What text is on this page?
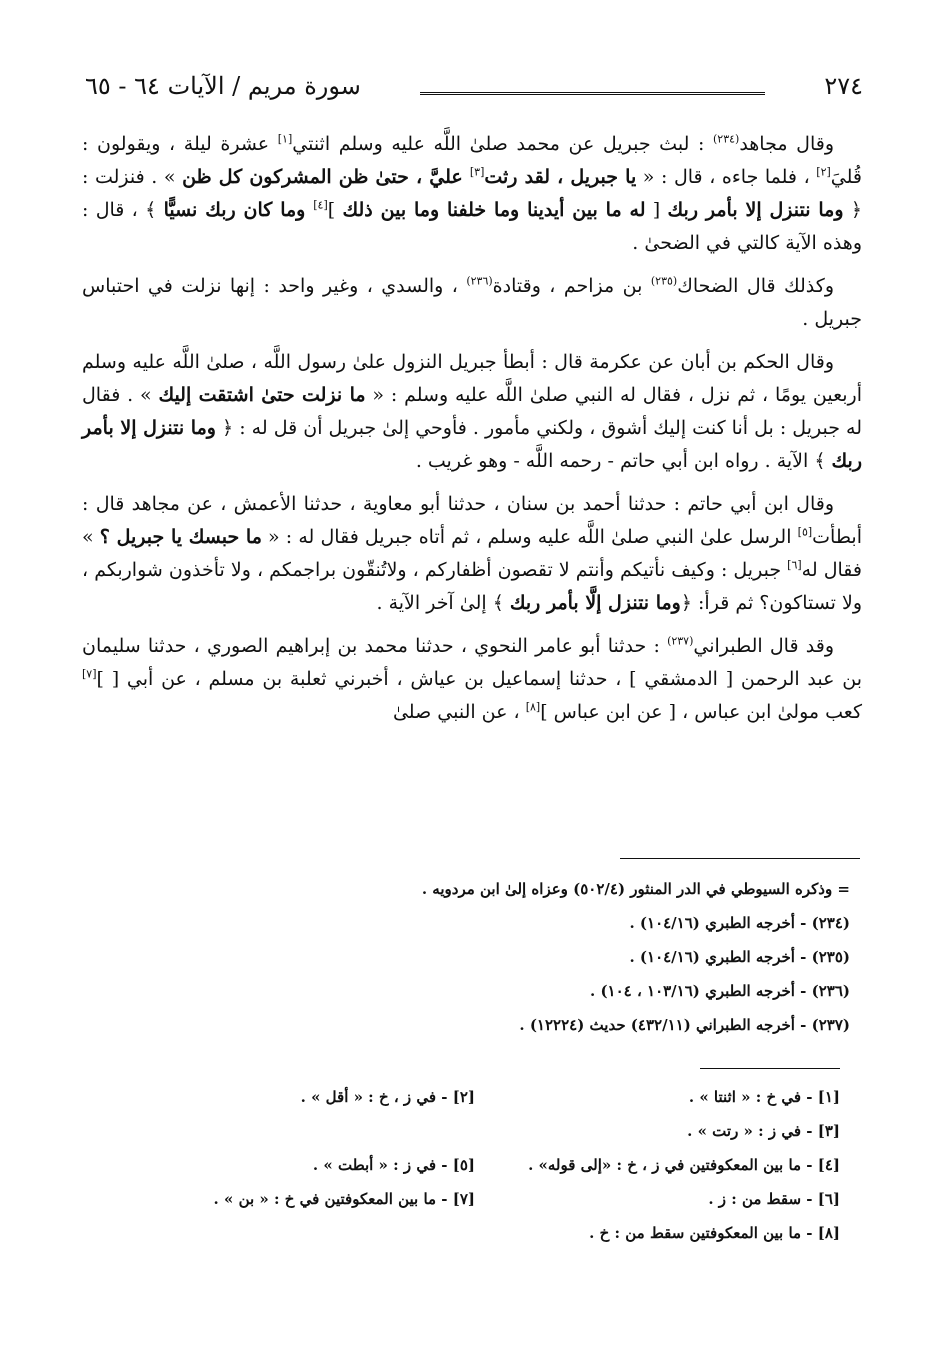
سورة مريم / الآيات ٦٤ - ٦٥	٢٧٤

وقال مجاهد$^{(٢٣٤)}$ : لبث جبريل عن محمد صلىٰ اللَّه عليه وسلم اثنتي[١] عشرة ليلة ، ويقولون : قُليَ[٢] ، فلما جاءه ، قال : « يا جبريل ، لقد رثت[٣] عليَّ ، حتىٰ ظن المشركون كل ظن » . فنزلت : ﴿ وما نتنزل إلا بأمر ربك [ له ما بين أيدينا وما خلفنا وما بين ذلك ][٤] وما كان ربك نسيًّا ﴾ ، قال : وهذه الآية كالتي في الضحىٰ .

وكذلك قال الضحاك$^{(٢٣٥)}$ بن مزاحم ، وقتادة$^{(٢٣٦)}$ ، والسدي ، وغير واحد : إنها نزلت في احتباس جبريل .

وقال الحكم بن أبان عن عكرمة قال : أبطأ جبريل النزول علىٰ رسول اللَّه ، صلىٰ اللَّه عليه وسلم أربعين يومًا ، ثم نزل ، فقال له النبي صلىٰ اللَّه عليه وسلم : « ما نزلت حتىٰ اشتقت إليك » . فقال له جبريل : بل أنا كنت إليك أشوق ، ولكني مأمور . فأوحي إلىٰ جبريل أن قل له : ﴿ وما نتنزل إلا بأمر ربك ﴾ الآية . رواه ابن أبي حاتم - رحمه اللَّه - وهو غريب .

وقال ابن أبي حاتم : حدثنا أحمد بن سنان ، حدثنا أبو معاوية ، حدثنا الأعمش ، عن مجاهد قال : أبطأت[٥] الرسل علىٰ النبي صلىٰ اللَّه عليه وسلم ، ثم أتاه جبريل فقال له : « ما حبسك يا جبريل ؟ » فقال له[٦] جبريل : وكيف نأتيكم وأنتم لا تقصون أظفاركم ، ولاتُنقّون براجمكم ، ولا تأخذون شواربكم ، ولا تستاكون؟ ثم قرأ: ﴿وما نتنزل إلَّا بأمر ربك ﴾ إلىٰ آخر الآية .

وقد قال الطبراني$^{(٢٣٧)}$ : حدثنا أبو عامر النحوي ، حدثنا محمد بن إبراهيم الصوري ، حدثنا سليمان بن عبد الرحمن [ الدمشقي ] ، حدثنا إسماعيل بن عياش ، أخبرني ثعلبة بن مسلم ، عن أبي [ ][٧] كعب مولىٰ ابن عباس ، [ عن ابن عباس ][٨] ، عن النبي صلىٰ

= وذكره السيوطي في الدر المنثور (٥٠٢/٤) وعزاه إلىٰ ابن مردويه .
(٢٣٤) - أخرجه الطبري (١٠٤/١٦) .
(٢٣٥) - أخرجه الطبري (١٠٤/١٦) .
(٢٣٦) - أخرجه الطبري (١٠٣/١٦ ، ١٠٤) .
(٢٣٧) - أخرجه الطبراني (٤٣٢/١١) حديث (١٢٢٢٤) .
[١] - في خ : « اثنتا » .
[٢] - في ز ، خ : « أقل » .
[٣] - في ز : « رتت » .
[٤] - ما بين المعكوفتين في ز ، خ : «إلى قوله» .
[٥] - في ز : « أبطت » .
[٦] - سقط من : ز .
[٧] - ما بين المعكوفتين في خ : « بن » .
[٨] - ما بين المعكوفتين سقط من : خ .
